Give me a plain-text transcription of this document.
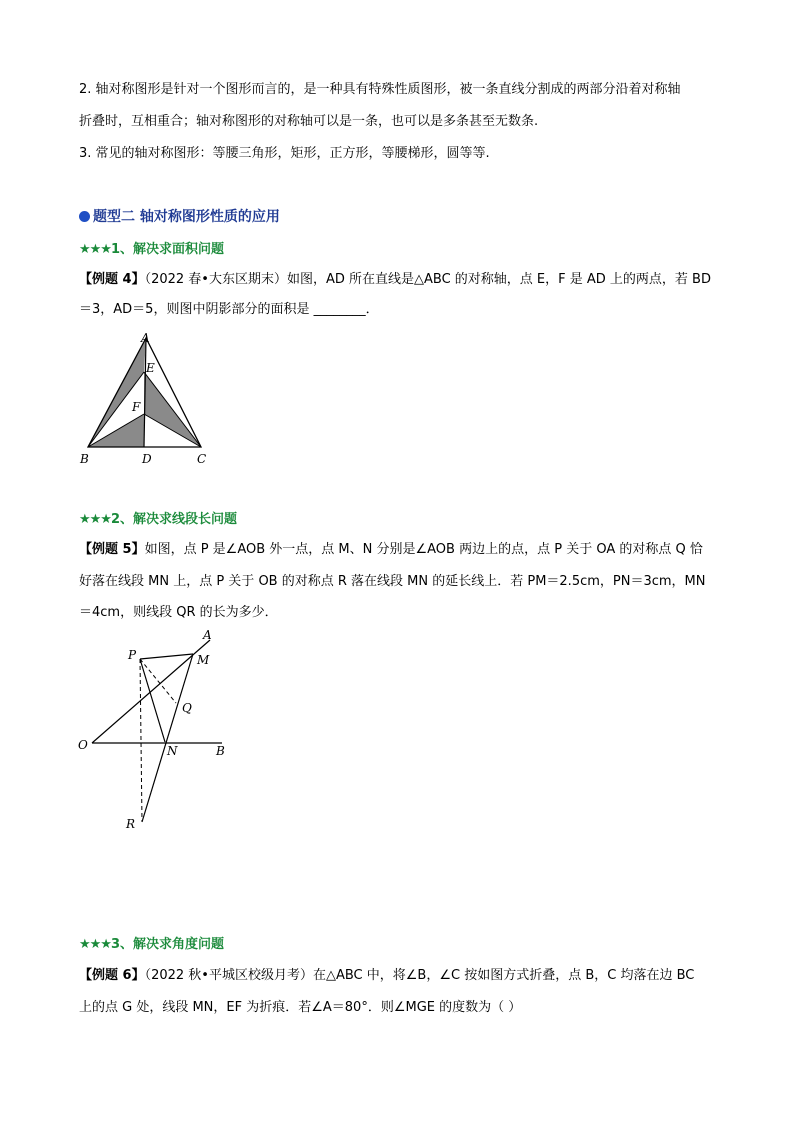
2. 轴对称图形是针对一个图形而言的，是一种具有特殊性质图形，被一条直线分割成的两部分沿着对称轴
折叠时，互相重合；轴对称图形的对称轴可以是一条，也可以是多条甚至无数条.
3. 常见的轴对称图形：等腰三角形，矩形，正方形，等腰梯形，圆等等.
题型二 轴对称图形性质的应用
★★★1、解决求面积问题
【例题 4】（2022 春•大东区期末）如图，AD 所在直线是△ABC 的对称轴，点 E，F 是 AD 上的两点，若 BD
＝3，AD＝5，则图中阴影部分的面积是 ________．
A
E
F
B	D	C
★★★2、解决求线段长问题
【例题 5】如图，点 P 是∠AOB 外一点，点 M、N 分别是∠AOB 两边上的点，点 P 关于 OA 的对称点 Q 恰
好落在线段 MN 上，点 P 关于 OB 的对称点 R 落在线段 MN 的延长线上．若 PM＝2.5cm，PN＝3cm，MN
＝4cm，则线段 QR 的长为多少．
A
P	M
Q
O	N	B
R
★★★3、解决求角度问题
【例题 6】（2022 秋•平城区校级月考）在△ABC 中，将∠B，∠C 按如图方式折叠，点 B，C 均落在边 BC
上的点 G 处，线段 MN，EF 为折痕．若∠A＝80°．则∠MGE 的度数为（ ）
